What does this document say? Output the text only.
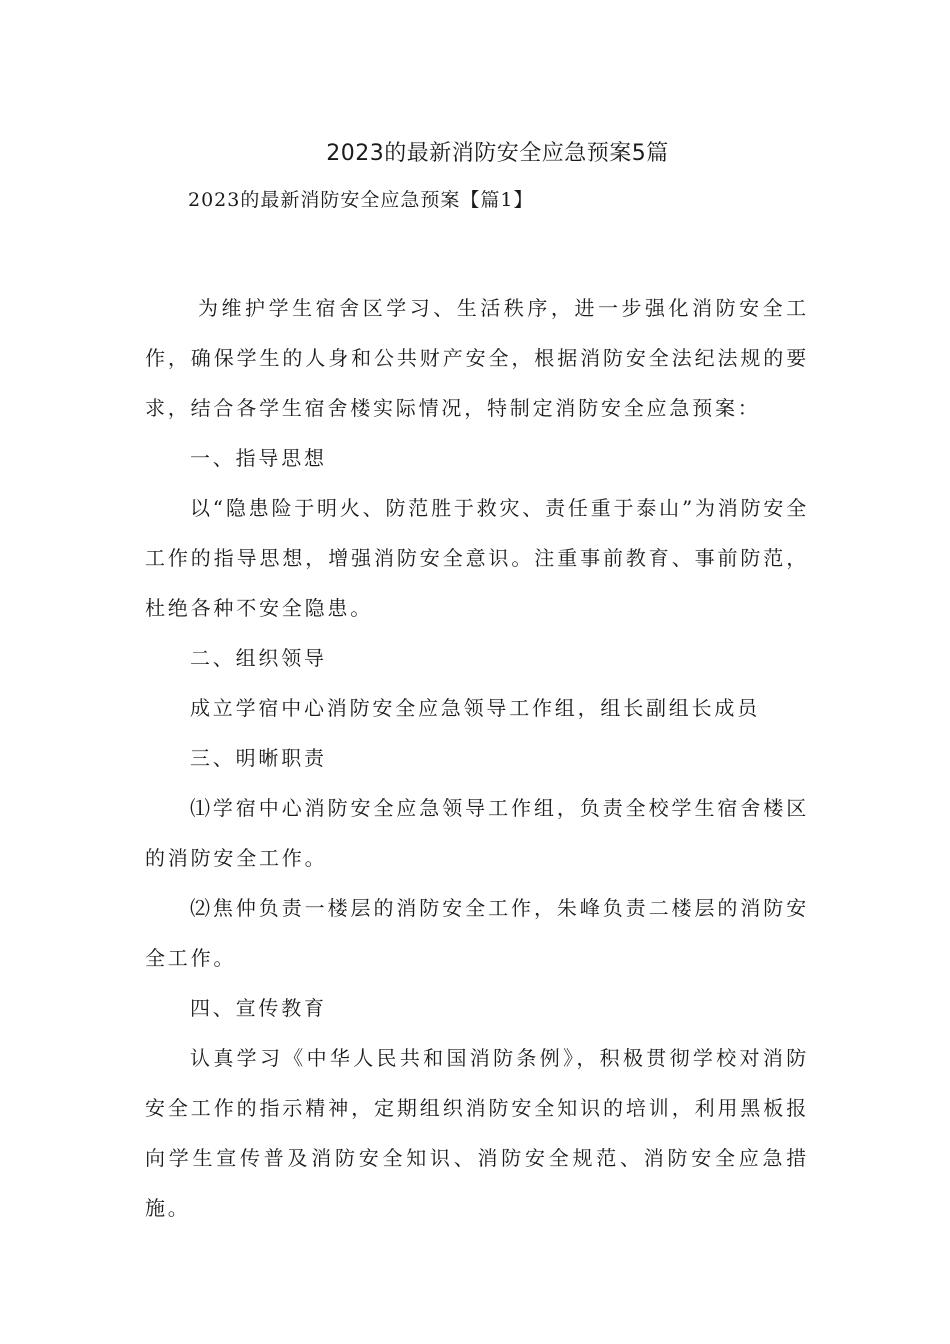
2023的最新消防安全应急预案5篇
2023的最新消防安全应急预案【篇1】

为维护学生宿舍区学习、生活秩序，进一步强化消防安全工作，确保学生的人身和公共财产安全，根据消防安全法纪法规的要求，结合各学生宿舍楼实际情况，特制定消防安全应急预案：

一、指导思想

以“隐患险于明火、防范胜于救灾、责任重于泰山”为消防安全工作的指导思想，增强消防安全意识。注重事前教育、事前防范，杜绝各种不安全隐患。

二、组织领导

成立学宿中心消防安全应急领导工作组，组长副组长成员

三、明晰职责

⑴学宿中心消防安全应急领导工作组，负责全校学生宿舍楼区的消防安全工作。

⑵焦仲负责一楼层的消防安全工作，朱峰负责二楼层的消防安全工作。

四、宣传教育

认真学习《中华人民共和国消防条例》，积极贯彻学校对消防安全工作的指示精神，定期组织消防安全知识的培训，利用黑板报向学生宣传普及消防安全知识、消防安全规范、消防安全应急措施。
